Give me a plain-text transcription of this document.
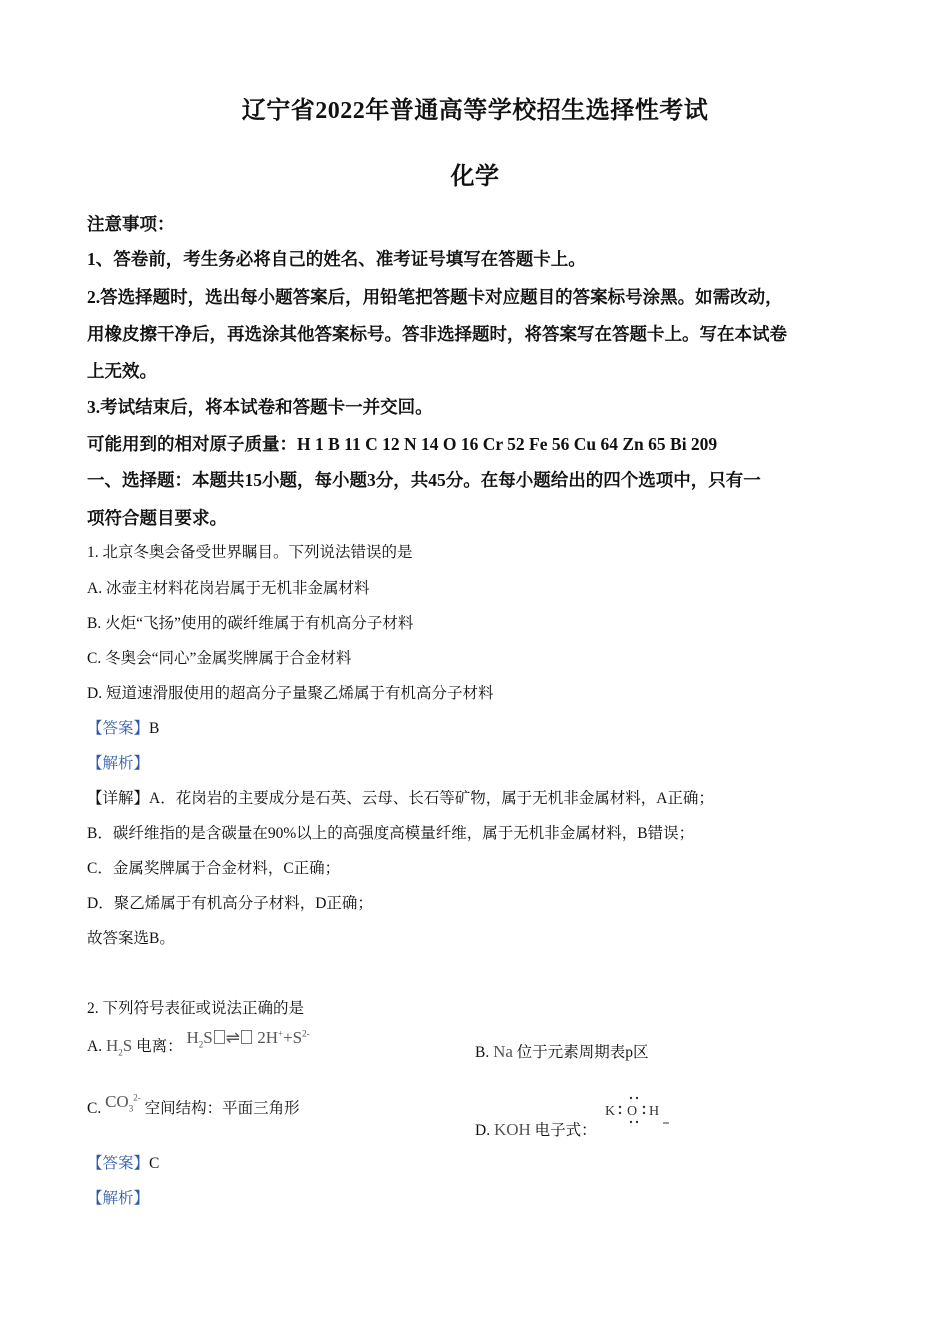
辽宁省2022年普通高等学校招生选择性考试
化学
注意事项：
1、答卷前，考生务必将自己的姓名、准考证号填写在答题卡上。
2.答选择题时，选出每小题答案后，用铅笔把答题卡对应题目的答案标号涂黑。如需改动，
用橡皮擦干净后，再选涂其他答案标号。答非选择题时，将答案写在答题卡上。写在本试卷
上无效。
3.考试结束后，将本试卷和答题卡一并交回。
可能用到的相对原子质量：H 1 B 11 C 12 N 14 O 16 Cr 52 Fe 56 Cu 64 Zn 65 Bi 209
一、选择题：本题共15小题，每小题3分，共45分。在每小题给出的四个选项中，只有一
项符合题目要求。
1. 北京冬奥会备受世界瞩目。下列说法错误的是
A. 冰壶主材料花岗岩属于无机非金属材料
B. 火炬“飞扬”使用的碳纤维属于有机高分子材料
C. 冬奥会“同心”金属奖牌属于合金材料
D. 短道速滑服使用的超高分子量聚乙烯属于有机高分子材料
【答案】B
【解析】
【详解】A．花岗岩的主要成分是石英、云母、长石等矿物，属于无机非金属材料，A正确；
B．碳纤维指的是含碳量在90%以上的高强度高模量纤维，属于无机非金属材料，B错误；
C．金属奖牌属于合金材料，C正确；
D．聚乙烯属于有机高分子材料，D正确；
故答案选B。
2. 下列符号表征或说法正确的是
A. $H_2S$ 电离： $H_2S$ ⇌ $2H^++S^{2-}$
B. Na 位于元素周期表p区
C. $CO_3^{2-}$ 空间结构：平面三角形
D. KOH 电子式：
K O H
【答案】C
【解析】
